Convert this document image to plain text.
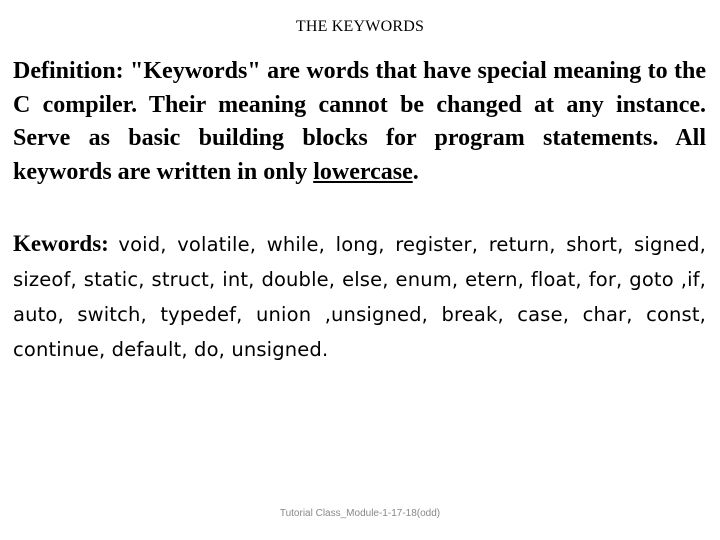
THE KEYWORDS

Definition: "Keywords" are words that have special meaning to the C compiler. Their meaning cannot be changed at any instance. Serve as basic building blocks for program statements. All keywords are written in only lowercase.

Kewords: void, volatile, while, long, register, return, short, signed, sizeof, static, struct, int, double, else, enum, etern, float, for, goto ,if, auto, switch, typedef, union ,unsigned, break, case, char, const, continue, default, do, unsigned.

Tutorial Class_Module-1-17-18(odd)
